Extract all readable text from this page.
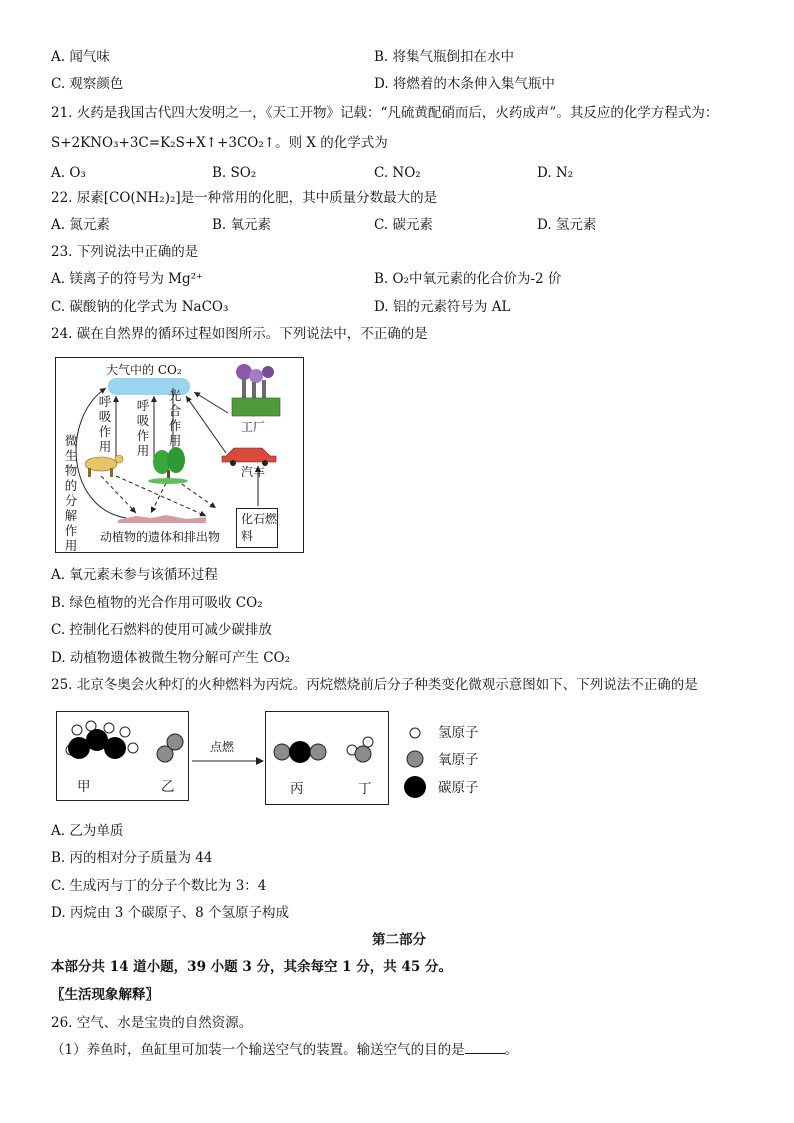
A. 闻气味	B. 将集气瓶倒扣在水中
C. 观察颜色	D. 将燃着的木条伸入集气瓶中
21. 火药是我国古代四大发明之一，《天工开物》记载：“凡硫黄配硝而后，火药成声”。其反应的化学方程式为：
S+2KNO₃+3C=K₂S+X↑+3CO₂↑。则 X 的化学式为
A. O₃	B. SO₂	C. NO₂	D. N₂
22. 尿素[CO(NH₂)₂]是一种常用的化肥，其中质量分数最大的是
A. 氮元素	B. 氧元素	C. 碳元素	D. 氢元素
23. 下列说法中正确的是
A. 镁离子的符号为 Mg²⁺	B. O₂中氧元素的化合价为-2 价
C. 碳酸钠的化学式为 NaCO₃	D. 铝的元素符号为 AL
24. 碳在自然界的循环过程如图所示。下列说法中，不正确的是
大气中的 CO₂
呼吸作用
呼吸作用
光合作用
微生物的分解作用
工厂
汽车
化石燃料
动植物的遗体和排出物
A. 氧元素未参与该循环过程
B. 绿色植物的光合作用可吸收 CO₂
C. 控制化石燃料的使用可减少碳排放
D. 动植物遗体被微生物分解可产生 CO₂
25. 北京冬奥会火种灯的火种燃料为丙烷。丙烷燃烧前后分子种类变化微观示意图如下、下列说法不正确的是
甲	乙
点燃
丙	丁
氢原子
氧原子
碳原子
A. 乙为单质
B. 丙的相对分子质量为 44
C. 生成丙与丁的分子个数比为 3：4
D. 丙烷由 3 个碳原子、8 个氢原子构成
第二部分
本部分共 14 道小题，39 小题 3 分，其余每空 1 分，共 45 分。
〖生活现象解释〗
26. 空气、水是宝贵的自然资源。
（1）养鱼时，鱼缸里可加装一个输送空气的装置。输送空气的目的是	。
